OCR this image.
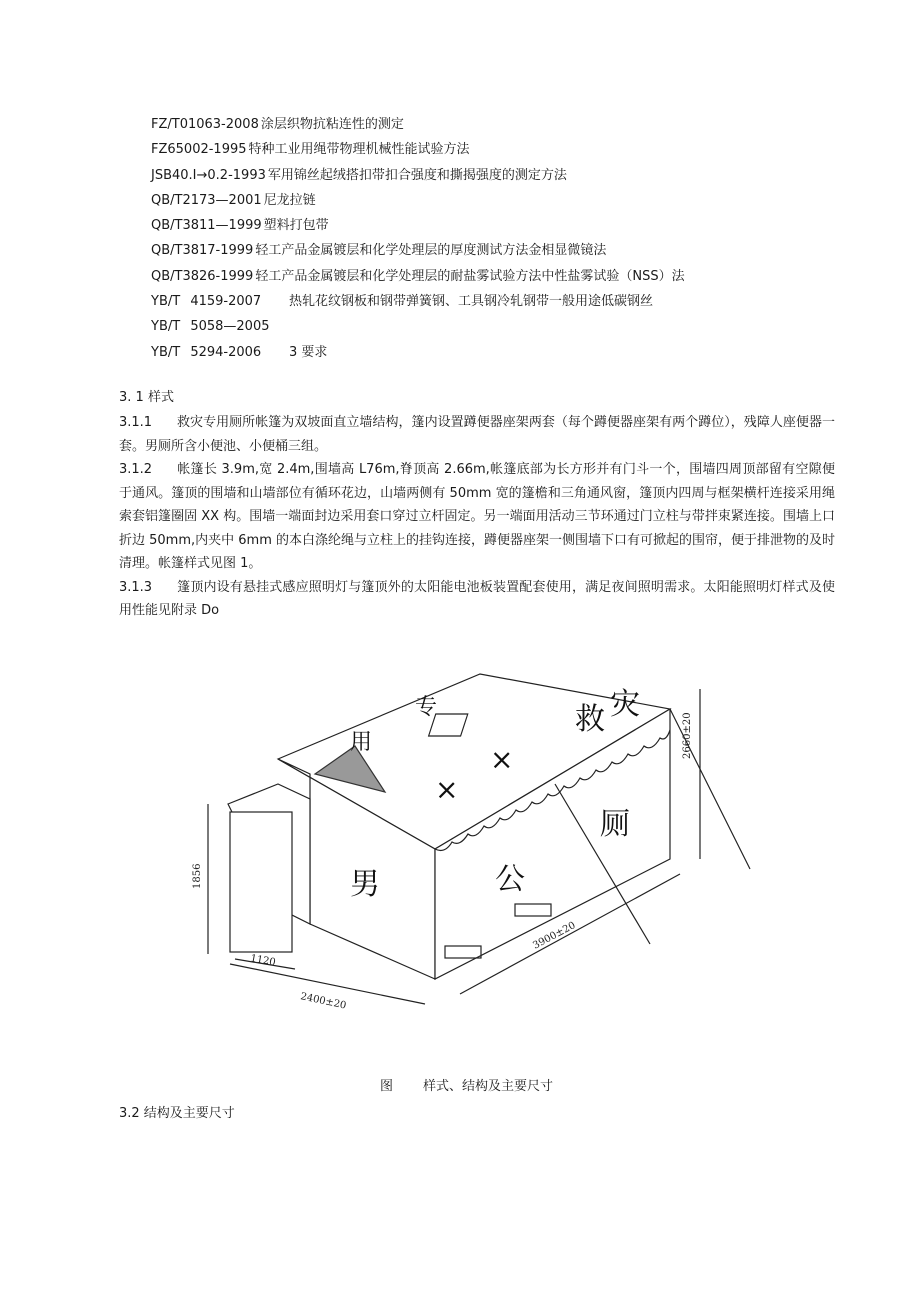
FZ/T01063-2008 涂层织物抗粘连性的测定
FZ65002-1995 特种工业用绳带物理机械性能试验方法
JSB40.I→0.2-1993 军用锦丝起绒搭扣带扣合强度和撕揭强度的测定方法
QB/T2173—2001 尼龙拉链
QB/T3811—1999 塑料打包带
QB/T3817-1999 轻工产品金属镀层和化学处理层的厚度测试方法金相显微镜法
QB/T3826-1999 轻工产品金属镀层和化学处理层的耐盐雾试验方法中性盐雾试验（NSS）法
YB/T 4159-2007 热轧花纹钢板和钢带弹簧钢、工具钢冷轧钢带一般用途低碳钢丝
YB/T 5058—2005
YB/T 5294-2006 3 要求
3. 1 样式

3.1.1 救灾专用厕所帐篷为双坡面直立墙结构，篷内设置蹲便器座架两套（每个蹲便器座架有两个蹲位），残障人座便器一套。男厕所含小便池、小便桶三组。

3.1.2 帐篷长 3.9m,宽 2.4m,围墙高 L76m,脊顶高 2.66m,帐篷底部为长方形并有门斗一个，围墙四周顶部留有空隙便于通风。篷顶的围墙和山墙部位有循环花边，山墙两侧有 50mm 宽的篷檐和三角通风窗，篷顶内四周与框架横杆连接采用绳索套铝篷圈固 XX 构。围墙一端面封边采用套口穿过立杆固定。另一端面用活动三节环通过门立柱与带拌束紧连接。围墙上口折边 50mm,内夹中 6mm 的本白涤纶绳与立柱上的挂钩连接，蹲便器座架一侧围墙下口有可掀起的围帘，便于排泄物的及时清理。帐篷样式见图 1。

3.1.3 篷顶内设有悬挂式感应照明灯与篷顶外的太阳能电池板装置配套使用，满足夜间照明需求。太阳能照明灯样式及使用性能见附录 Do

救 灾
×
×
专
用
男	公
厕
1856
2660±20
3900±20
2400±20
1120
图 样式、结构及主要尺寸
3.2 结构及主要尺寸
